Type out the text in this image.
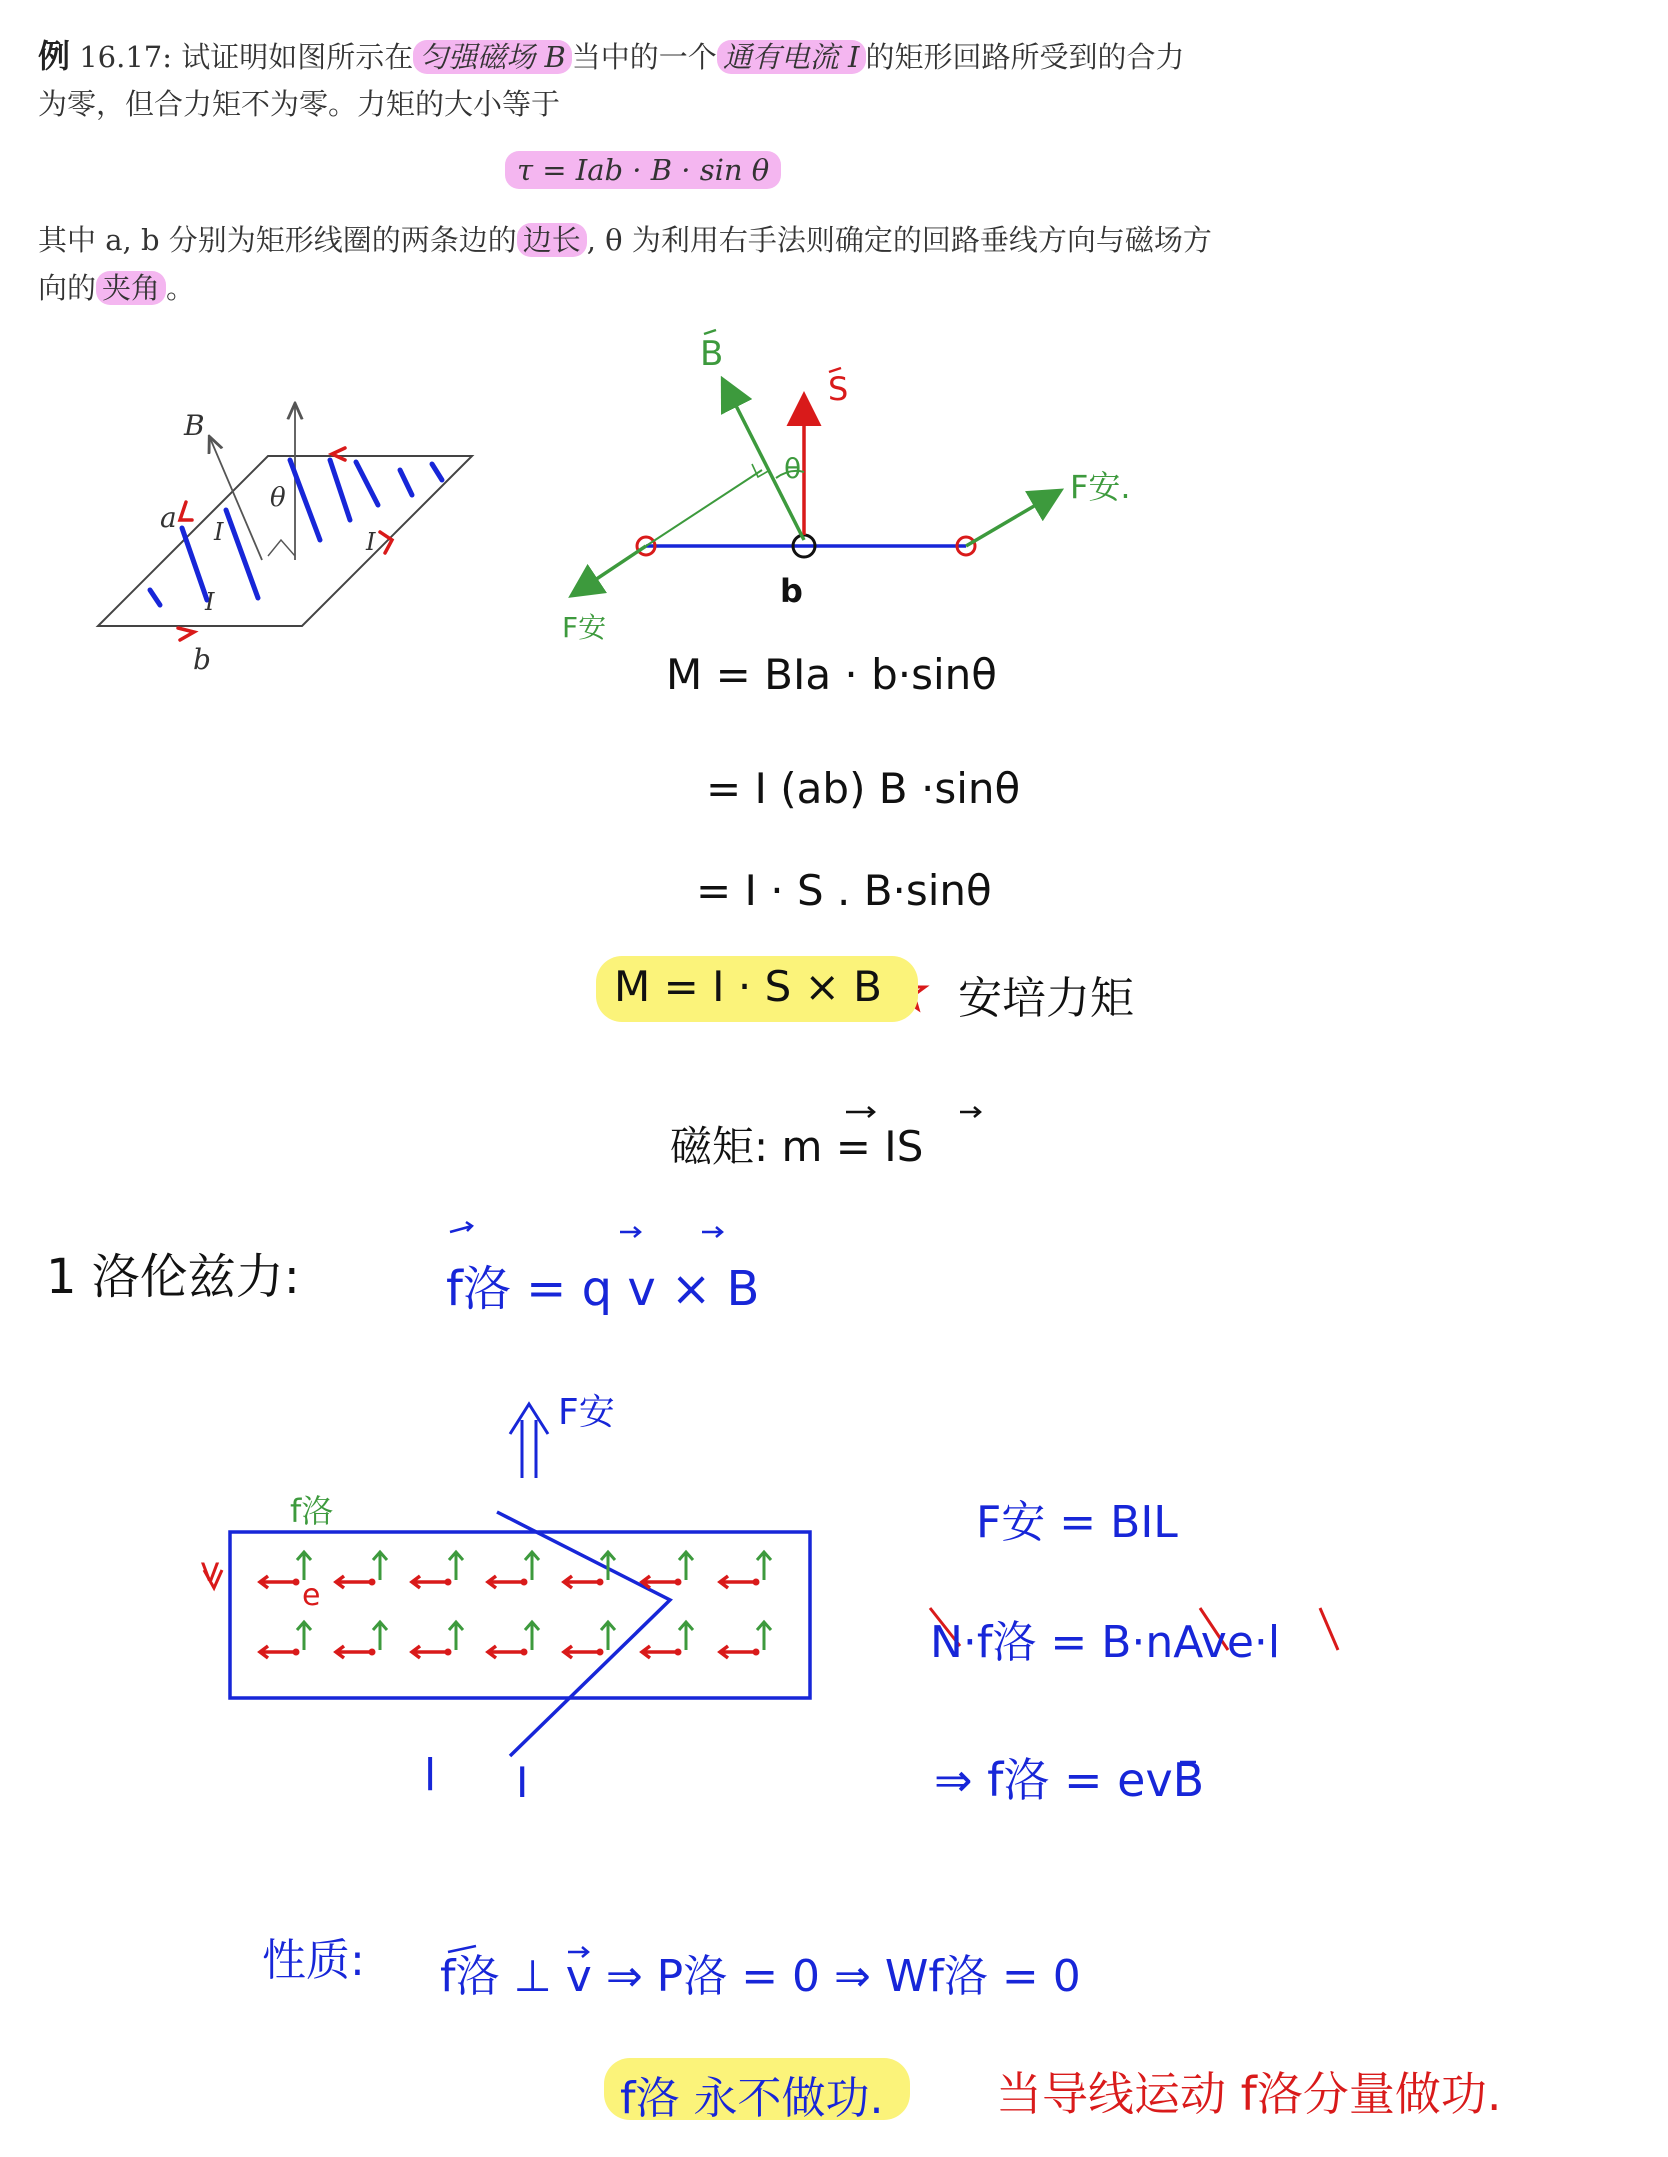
例 16.17: 试证明如图所示在 匀强磁场 B 当中的一个 通有电流 I 的矩形回路所受到的合力
为零，但合力矩不为零。力矩的大小等于
τ = Iab · B · sin θ
其中 a, b 分别为矩形线圈的两条边的 边长 , θ 为利用右手法则确定的回路垂线方向与磁场方
向的 夹角 。
B
a
b
θ
I
I
I
B
S
θ	F安.
F安
b
M = BIa · b·sinθ
= I (ab) B ·sinθ
= I · S . B·sinθ
M = I · S × B 安培力矩
磁矩: m = IS
1 洛伦兹力:	f洛 = q v × B
F安
f洛
v
e
l I
F安 = BIL
N·f洛 = B·nAve·l
⇒ f洛 = evB
性质: f洛 ⊥ v ⇒ P洛 = 0 ⇒ Wf洛 = 0
f洛 永不做功. 当导线运动 f洛分量做功.
